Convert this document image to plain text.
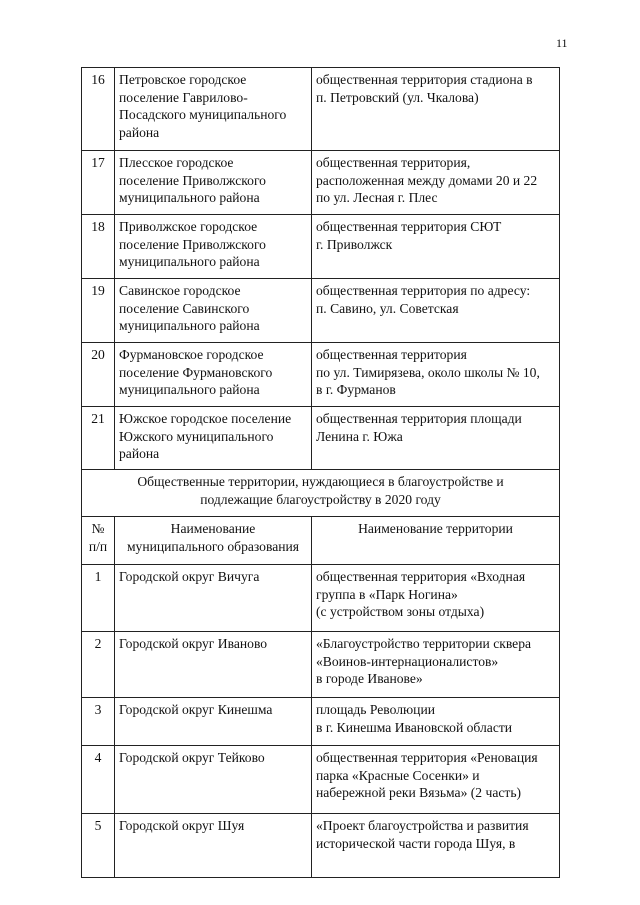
11
16	Петровское городское
поселение Гаврилово-
Посадского муниципального
района	общественная территория стадиона в
п. Петровский (ул. Чкалова)

17	Плесское городское
поселение Приволжского
муниципального района	общественная территория,
расположенная между домами 20 и 22
по ул. Лесная г. Плес

18	Приволжское городское
поселение Приволжского
муниципального района	общественная территория СЮТ
г. Приволжск

19	Савинское городское
поселение Савинского
муниципального района	общественная территория по адресу:
п. Савино, ул. Советская

20	Фурмановское городское
поселение Фурмановского
муниципального района	общественная территория
по ул. Тимирязева, около школы № 10,
в г. Фурманов

21	Южское городское поселение
Южского муниципального
района	общественная территория площади
Ленина г. Южа

Общественные территории, нуждающиеся в благоустройстве и
подлежащие благоустройству в 2020 году		

№
п/п	Наименование
муниципального образования	Наименование территории

1	Городской округ Вичуга	общественная территория «Входная
группа в «Парк Ногина»
(с устройством зоны отдыха)

2	Городской округ Иваново	«Благоустройство территории сквера
«Воинов-интернационалистов»
в городе Иванове»

3	Городской округ Кинешма	площадь Революции
в г. Кинешма Ивановской области

4	Городской округ Тейково	общественная территория «Реновация
парка «Красные Сосенки» и
набережной реки Вязьма» (2 часть)

5	Городской округ Шуя	«Проект благоустройства и развития
исторической части города Шуя, в
